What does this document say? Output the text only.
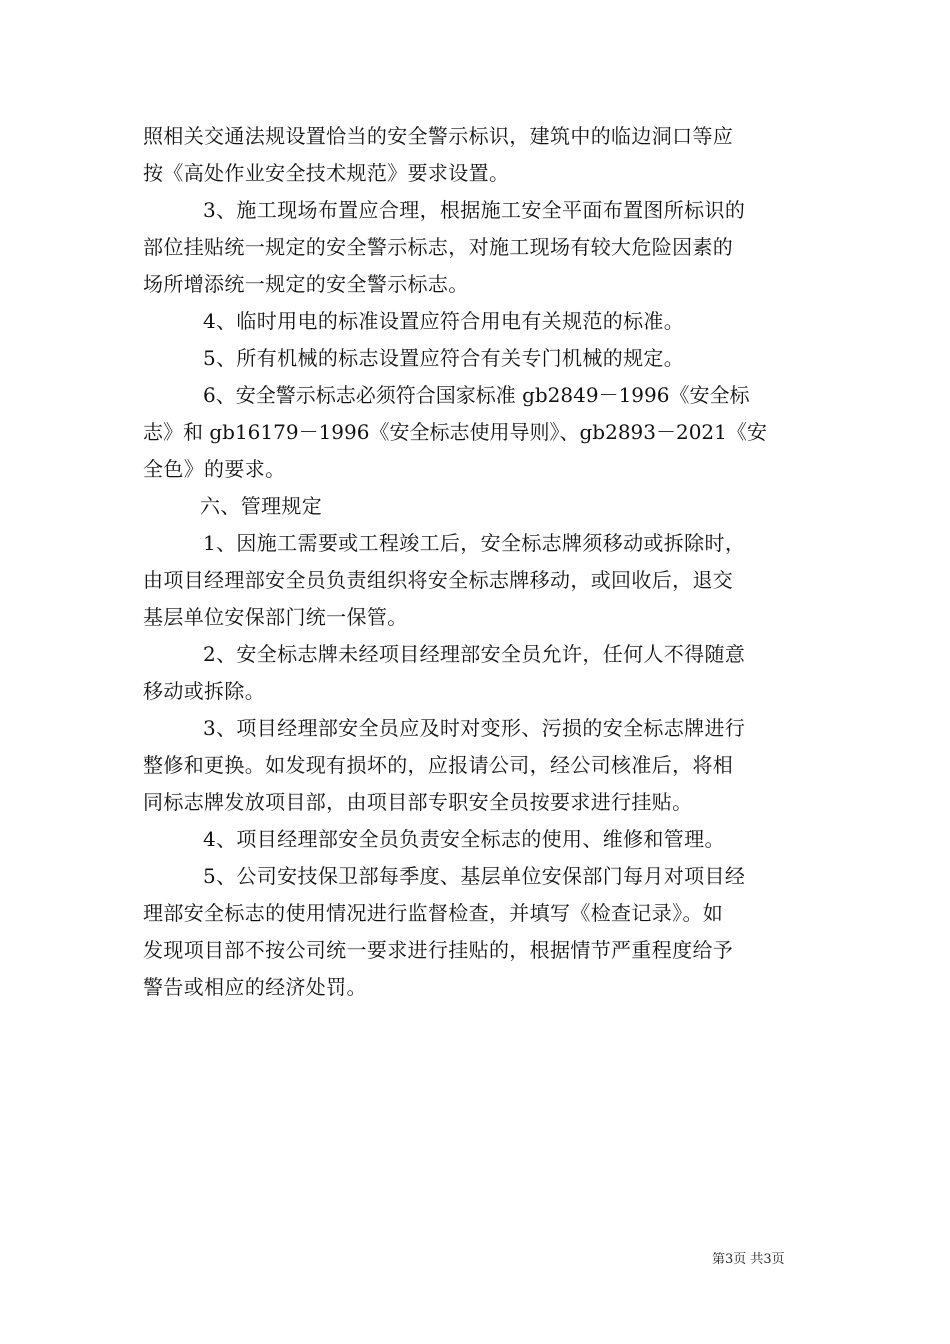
照相关交通法规设置恰当的安全警示标识，建筑中的临边洞口等应
按《高处作业安全技术规范》要求设置。
3、施工现场布置应合理，根据施工安全平面布置图所标识的
部位挂贴统一规定的安全警示标志，对施工现场有较大危险因素的
场所增添统一规定的安全警示标志。
4、临时用电的标准设置应符合用电有关规范的标准。
5、所有机械的标志设置应符合有关专门机械的规定。
6、安全警示标志必须符合国家标准 gb2849－1996《安全标
志》和 gb16179－1996《安全标志使用导则》、gb2893－2021《安
全色》的要求。
六、管理规定
1、因施工需要或工程竣工后，安全标志牌须移动或拆除时，
由项目经理部安全员负责组织将安全标志牌移动，或回收后，退交
基层单位安保部门统一保管。
2、安全标志牌未经项目经理部安全员允许，任何人不得随意
移动或拆除。
3、项目经理部安全员应及时对变形、污损的安全标志牌进行
整修和更换。如发现有损坏的，应报请公司，经公司核准后，将相
同标志牌发放项目部，由项目部专职安全员按要求进行挂贴。
4、项目经理部安全员负责安全标志的使用、维修和管理。
5、公司安技保卫部每季度、基层单位安保部门每月对项目经
理部安全标志的使用情况进行监督检查，并填写《检查记录》。如
发现项目部不按公司统一要求进行挂贴的，根据情节严重程度给予
警告或相应的经济处罚。
第3页 共3页
